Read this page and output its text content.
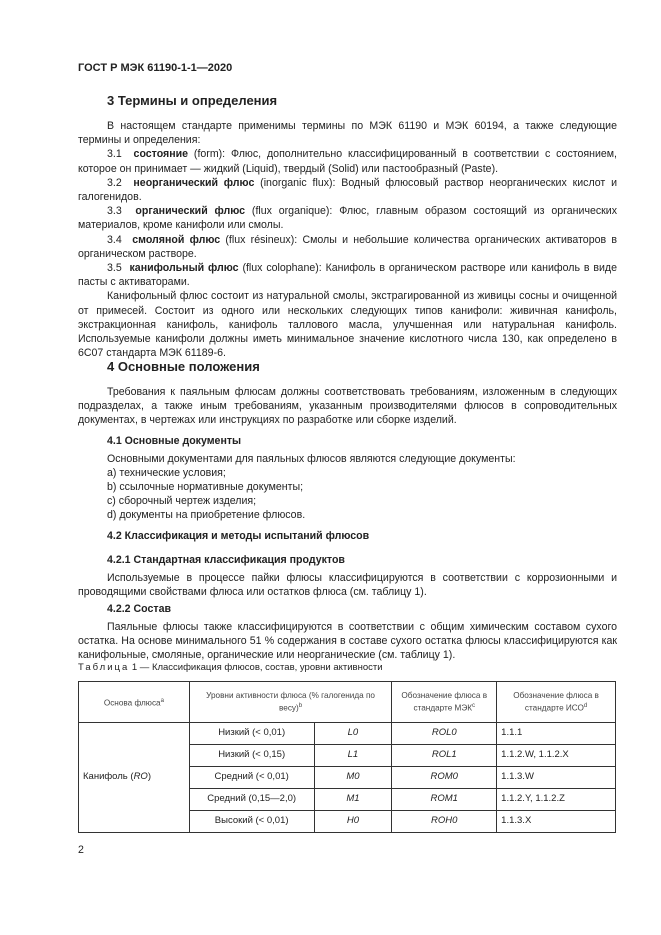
ГОСТ Р МЭК 61190-1-1—2020
3 Термины и определения

В настоящем стандарте применимы термины по МЭК 61190 и МЭК 60194, а также следующие термины и определения:

3.1 состояние (form): Флюс, дополнительно классифицированный в соответствии с состоянием, которое он принимает — жидкий (Liquid), твердый (Solid) или пастообразный (Paste).

3.2 неорганический флюс (inorganic flux): Водный флюсовый раствор неорганических кислот и галогенидов.

3.3 органический флюс (flux organique): Флюс, главным образом состоящий из органических материалов, кроме канифоли или смолы.

3.4 смоляной флюс (flux résineux): Смолы и небольшие количества органических активаторов в органическом растворе.

3.5 канифольный флюс (flux colophane): Канифоль в органическом растворе или канифоль в виде пасты с активаторами.

Канифольный флюс состоит из натуральной смолы, экстрагированной из живицы сосны и очищенной от примесей. Состоит из одного или нескольких следующих типов канифоли: живичная канифоль, экстракционная канифоль, канифоль таллового масла, улучшенная или натуральная канифоль. Используемые канифоли должны иметь минимальное значение кислотного числа 130, как определено в 6С07 стандарта МЭК 61189-6.

4 Основные положения

Требования к паяльным флюсам должны соответствовать требованиям, изложенным в следующих подразделах, а также иным требованиям, указанным производителями флюсов в сопроводительных документах, в чертежах или инструкциях по разработке или сборке изделий.

4.1 Основные документы

Основными документами для паяльных флюсов являются следующие документы:

a) технические условия;

b) ссылочные нормативные документы;

c) сборочный чертеж изделия;

d) документы на приобретение флюсов.

4.2 Классификация и методы испытаний флюсов
4.2.1 Стандартная классификация продуктов

Используемые в процессе пайки флюсы классифицируются в соответствии с коррозионными и проводящими свойствами флюса или остатков флюса (см. таблицу 1).

4.2.2 Состав

Паяльные флюсы также классифицируются в соответствии с общим химическим составом сухого остатка. На основе минимального 51 % содержания в составе сухого остатка флюсы классифицируются как канифольные, смоляные, органические или неорганические (см. таблицу 1).

Таблица 1 — Классификация флюсов, состав, уровни активности
Основа флюса$^a$	Уровни активности флюса (% галогенида по весу)$^b$		Обозначение флюса в стандарте МЭК$^c$	Обозначение флюса в стандарте ИСО$^d$
Канифоль (RO)	Низкий (< 0,01)	L0	ROL0	1.1.1
	Низкий (< 0,15)	L1	ROL1	1.1.2.W, 1.1.2.X
	Средний (< 0,01)	M0	ROM0	1.1.3.W
	Средний (0,15—2,0)	M1	ROM1	1.1.2.Y, 1.1.2.Z
	Высокий (< 0,01)	H0	ROH0	1.1.3.X
2
